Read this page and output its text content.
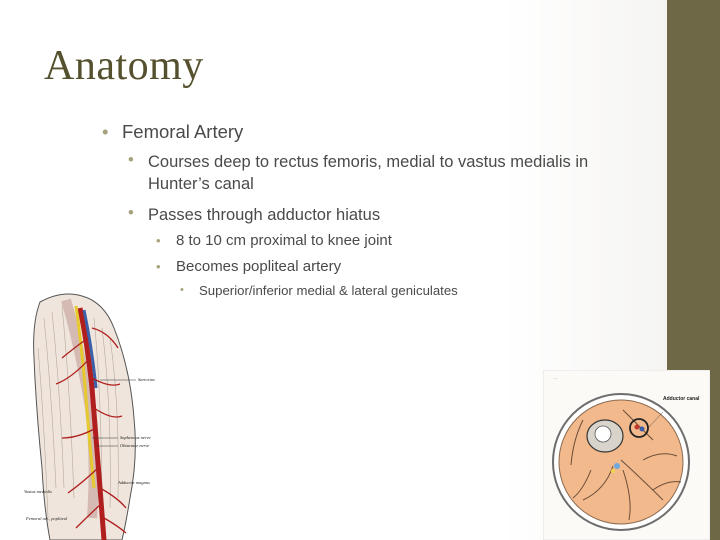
Anatomy
• Femoral Artery
• Courses deep to rectus femoris, medial to vastus medialis in Hunter’s canal
• Passes through adductor hiatus
• 8 to 10 cm proximal to knee joint
• Becomes popliteal artery
• Superior/inferior medial & lateral geniculates
Sartorius
Saphenous nerve
Obturator nerve
Vastus medialis
Adductor magnus
Femoral art., popliteal
Adductor canal
·····
